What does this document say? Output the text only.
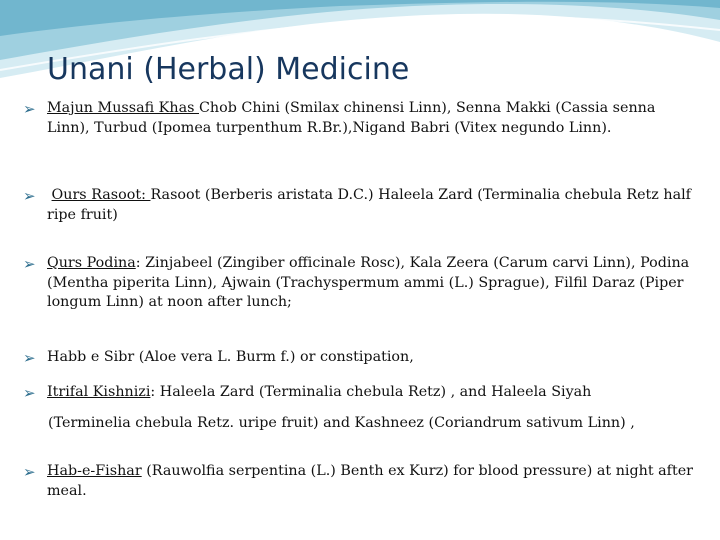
Unani (Herbal) Medicine
➢ Majun Mussafi Khas Chob Chini (Smilax chinensi Linn), Senna Makki (Cassia senna Linn), Turbud (Ipomea turpenthum R.Br.),Nigand Babri (Vitex negundo Linn).

➢	Ours Rasoot: Rasoot (Berberis aristata D.C.) Haleela Zard (Terminalia chebula Retz half ripe fruit)

➢ Qurs Podina: Zinjabeel (Zingiber officinale Rosc), Kala Zeera (Carum carvi Linn), Podina (Mentha piperita Linn), Ajwain (Trachyspermum ammi (L.) Sprague), Filfil Daraz (Piper longum Linn) at noon after lunch;

➢ Habb e Sibr (Aloe vera L. Burm f.) or constipation,

➢ Itrifal Kishnizi: Haleela Zard (Terminalia chebula Retz) , and Haleela Siyah

(Terminelia chebula Retz. uripe fruit) and Kashneez (Coriandrum sativum Linn) ,

➢ Hab-e-Fishar (Rauwolfia serpentina (L.) Benth ex Kurz) for blood pressure) at night after meal.
